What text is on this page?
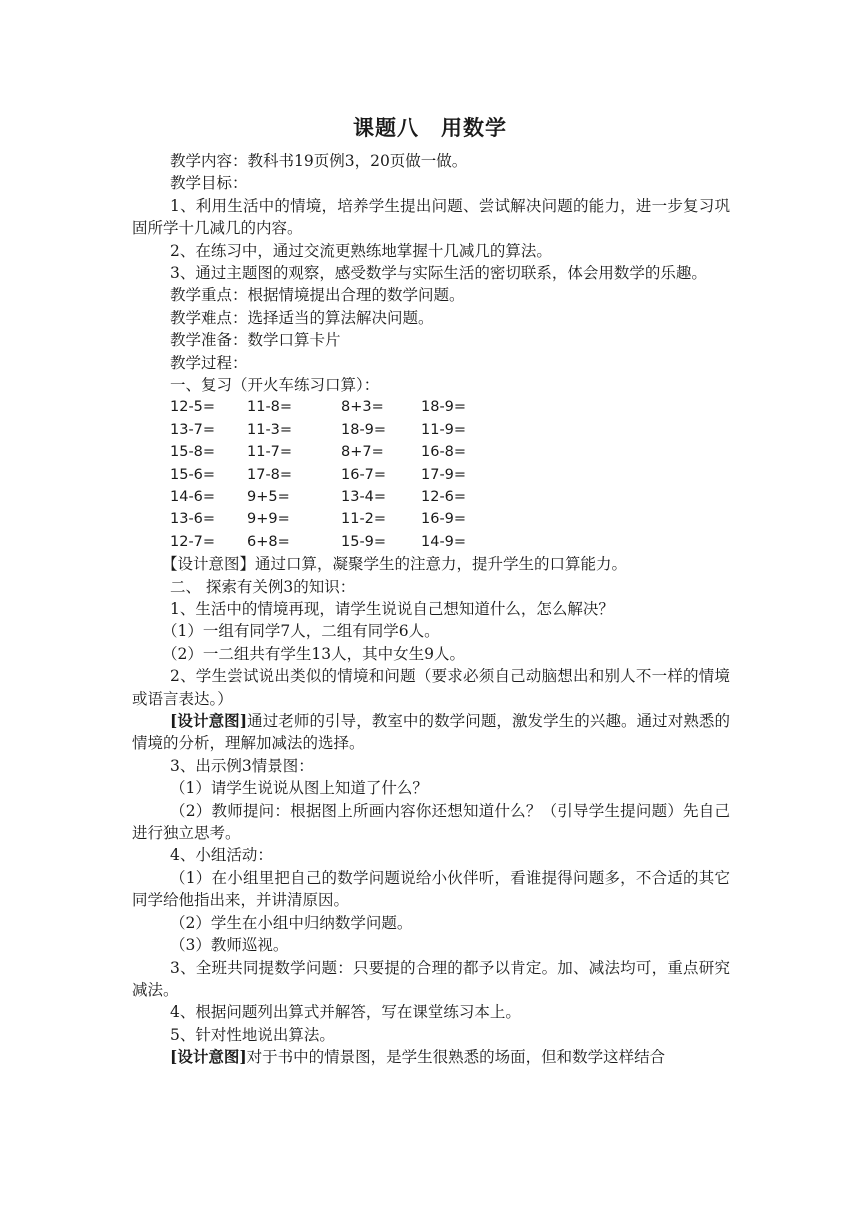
课题八　用数学

教学内容：教科书19页例3，20页做一做。

教学目标：

1、利用生活中的情境，培养学生提出问题、尝试解决问题的能力，进一步复习巩固所学十几减几的内容。

2、在练习中，通过交流更熟练地掌握十几减几的算法。

3、通过主题图的观察，感受数学与实际生活的密切联系，体会用数学的乐趣。

教学重点：根据情境提出合理的数学问题。

教学难点：选择适当的算法解决问题。

教学准备：数学口算卡片

教学过程：

一、复习（开火车练习口算）：

12-5=	11-8=	8+3=	18-9=
13-7=	11-3=	18-9=	11-9=
15-8=	11-7=	8+7=	16-8=
15-6=	17-8=	16-7=	17-9=
14-6=	9+5=	13-4=	12-6=
13-6=	9+9=	11-2=	16-9=
12-7=	6+8=	15-9=	14-9=

【设计意图】通过口算，凝聚学生的注意力，提升学生的口算能力。

二、 探索有关例3的知识：

1、生活中的情境再现，请学生说说自己想知道什么，怎么解决？

（1）一组有同学7人，二组有同学6人。

（2）一二组共有学生13人，其中女生9人。

2、学生尝试说出类似的情境和问题（要求必须自己动脑想出和别人不一样的情境或语言表达。）

[设计意图]通过老师的引导，教室中的数学问题，激发学生的兴趣。通过对熟悉的情境的分析，理解加减法的选择。

3、出示例3情景图：

（1）请学生说说从图上知道了什么？

（2）教师提问：根据图上所画内容你还想知道什么？（引导学生提问题）先自己进行独立思考。

4、小组活动：

（1）在小组里把自己的数学问题说给小伙伴听，看谁提得问题多，不合适的其它同学给他指出来，并讲清原因。

（2）学生在小组中归纳数学问题。

（3）教师巡视。

3、全班共同提数学问题：只要提的合理的都予以肯定。加、减法均可，重点研究减法。

4、根据问题列出算式并解答，写在课堂练习本上。

5、针对性地说出算法。

[设计意图]对于书中的情景图，是学生很熟悉的场面，但和数学这样结合
